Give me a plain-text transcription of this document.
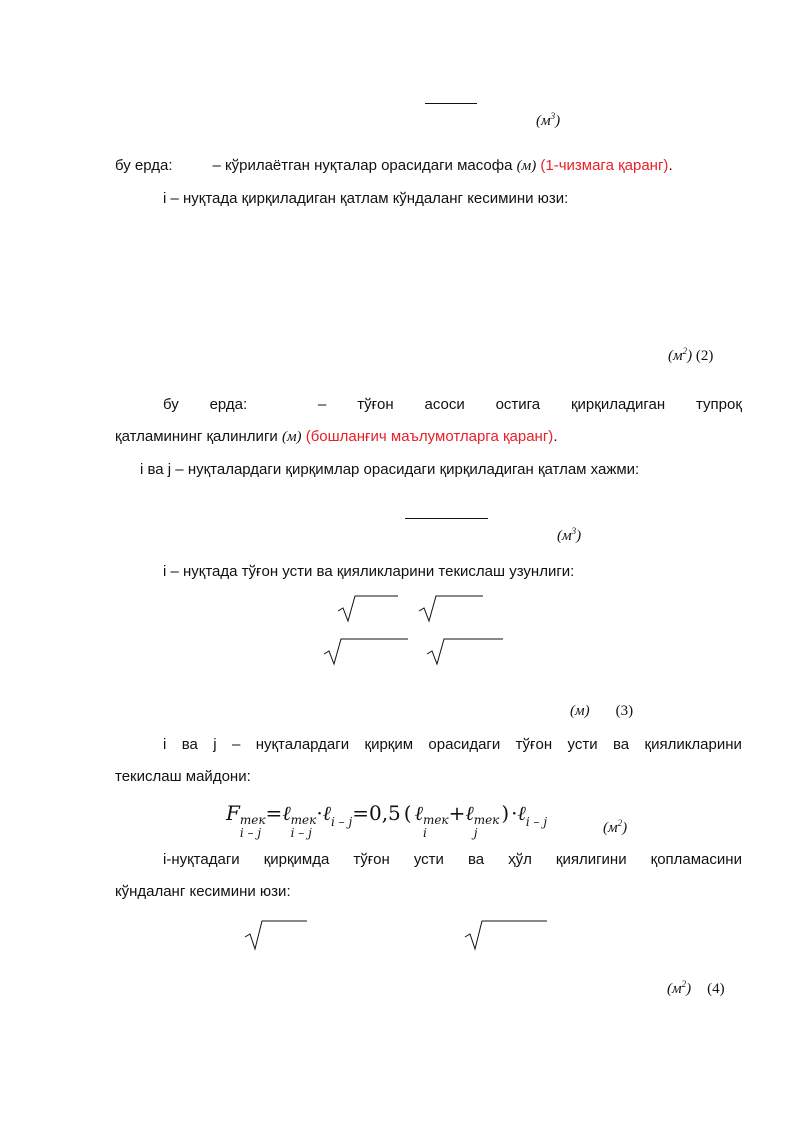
$(м^3)$
бу ерда:	– кўрилаётган нуқталар орасидаги масофа (м) (1-чизмага қаранг).
i – нуқтада қирқиладиган қатлам кўндаланг кесимини юзи:
$(м^2)$ (2)
бу ерда:	– тўғон асоси остига қирқиладиган тупроқ
қатламининг қалинлиги (м) (бошланғич маълумотларга қаранг).
i ва j – нуқталардаги қирқимлар орасидаги қирқиладиган қатлам хажми:
$(м^3)$
i – нуқтада тўғон усти ва қияликларини текислаш узунлиги:
(м) (3)
i ва j – нуқталардаги қирқим орасидаги тўғон усти ва қияликларини
текислаш майдони:
F тек
i – j
=ℓ тек
i – j
·ℓ$_{i - j}$=0,5 ( ℓ тек
i
+ℓ тек
j
) ·ℓ$_{i - j}$	$(м^2)$
i-нуқтадаги қирқимда тўғон усти ва ҳўл қиялигини қопламасини
кўндаланг кесимини юзи:
$(м^2)$ (4)
